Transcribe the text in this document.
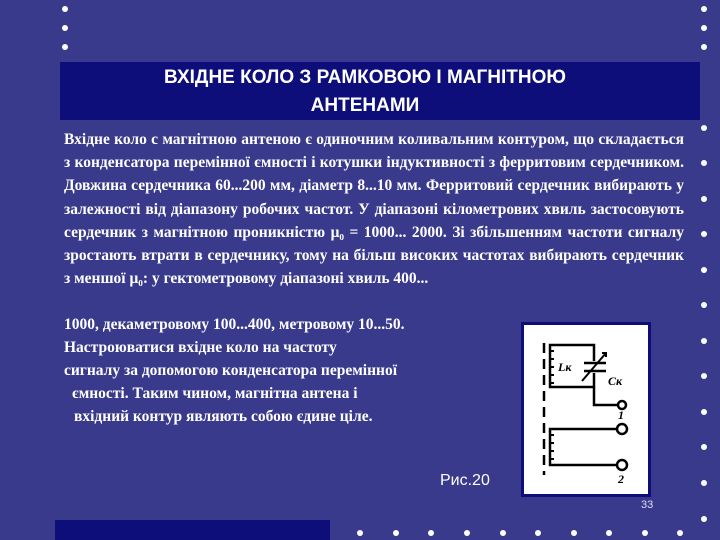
ВХІДНЕ КОЛО З РАМКОВОЮ І МАГНІТНОЮ
АНТЕНАМИ
Вхідне коло с магнітною антеною є одиночним коливальним контуром, що складається з конденсатора перемінної ємності і котушки індуктивності з ферритовим сердечником. Довжина сердечника 60...200 мм, діаметр 8...10 мм. Ферритовий сердечник вибирають у залежності від діапазону робочих частот. У діапазоні кілометрових хвиль застосовують сердечник з магнітною проникністю μ₀ = 1000... 2000. Зі збільшенням частоти сигналу зростають втрати в сердечнику, тому на більш високих частотах вибирають сердечник з меншої μ₀: у гектометровому діапазоні хвиль 400...
1000, декаметровому 100...400, метровому 10...50.
Настроюватися вхідне коло на частоту
сигналу за допомогою конденсатора перемінної
ємності. Таким чином, магнітна антена і
вхідний контур являють собою єдине ціле.
Lк
Cк
1
2
Рис.20
33
